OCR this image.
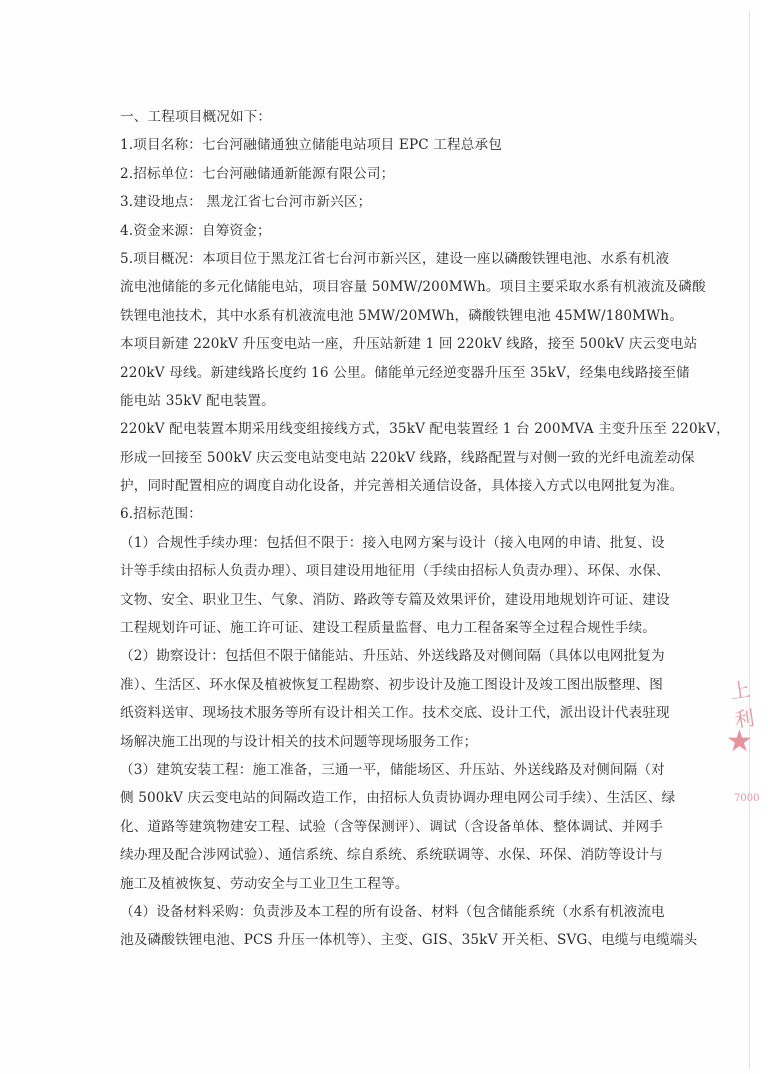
一、工程项目概况如下：
1.项目名称：七台河融储通独立储能电站项目 EPC 工程总承包
2.招标单位：七台河融储通新能源有限公司；
3.建设地点： 黑龙江省七台河市新兴区；
4.资金来源：自筹资金；
5.项目概况：本项目位于黑龙江省七台河市新兴区，建设一座以磷酸铁锂电池、水系有机液
流电池储能的多元化储能电站，项目容量 50MW/200MWh。项目主要采取水系有机液流及磷酸
铁锂电池技术，其中水系有机液流电池 5MW/20MWh，磷酸铁锂电池 45MW/180MWh。
本项目新建 220kV 升压变电站一座，升压站新建 1 回 220kV 线路，接至 500kV 庆云变电站
220kV 母线。新建线路长度约 16 公里。储能单元经逆变器升压至 35kV，经集电线路接至储
能电站 35kV 配电装置。
220kV 配电装置本期采用线变组接线方式，35kV 配电装置经 1 台 200MVA 主变升压至 220kV，
形成一回接至 500kV 庆云变电站变电站 220kV 线路，线路配置与对侧一致的光纤电流差动保
护，同时配置相应的调度自动化设备，并完善相关通信设备，具体接入方式以电网批复为准。
6.招标范围：
（1）合规性手续办理：包括但不限于：接入电网方案与设计（接入电网的申请、批复、设
计等手续由招标人负责办理）、项目建设用地征用（手续由招标人负责办理）、环保、水保、
文物、安全、职业卫生、气象、消防、路政等专篇及效果评价，建设用地规划许可证、建设
工程规划许可证、施工许可证、建设工程质量监督、电力工程备案等全过程合规性手续。
（2）勘察设计：包括但不限于储能站、升压站、外送线路及对侧间隔（具体以电网批复为
准）、生活区、环水保及植被恢复工程勘察、初步设计及施工图设计及竣工图出版整理、图
纸资料送审、现场技术服务等所有设计相关工作。技术交底、设计工代，派出设计代表驻现
场解决施工出现的与设计相关的技术问题等现场服务工作；
（3）建筑安装工程：施工准备，三通一平，储能场区、升压站、外送线路及对侧间隔（对
侧 500kV 庆云变电站的间隔改造工作，由招标人负责协调办理电网公司手续）、生活区、绿
化、道路等建筑物建安工程、试验（含等保测评）、调试（含设备单体、整体调试、并网手
续办理及配合涉网试验）、通信系统、综自系统、系统联调等、水保、环保、消防等设计与
施工及植被恢复、劳动安全与工业卫生工程等。
（4）设备材料采购：负责涉及本工程的所有设备、材料（包含储能系统（水系有机液流电
池及磷酸铁锂电池、PCS 升压一体机等）、主变、GIS、35kV 开关柜、SVG、电缆与电缆端头
上利
★
7000
